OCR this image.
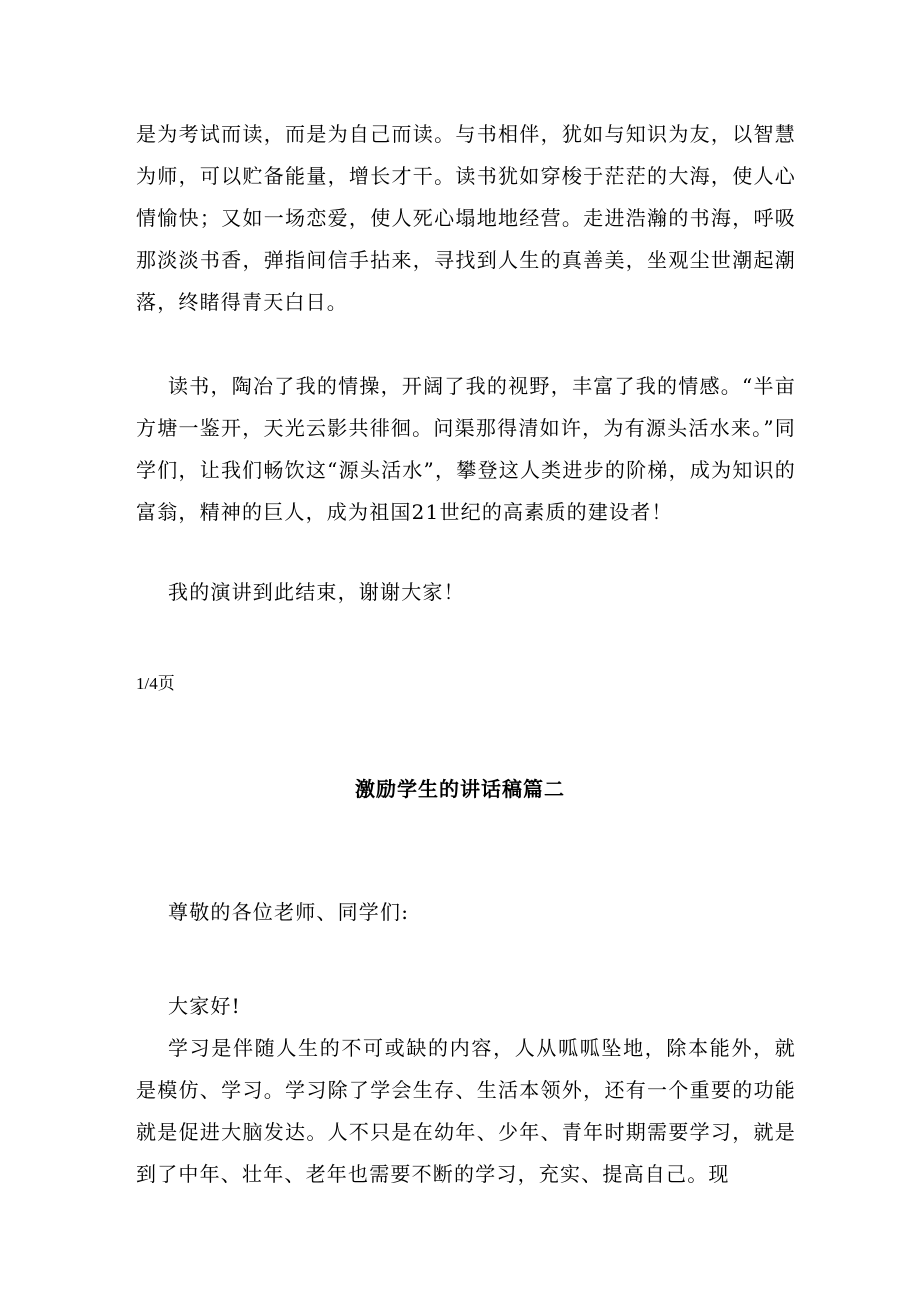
是为考试而读，而是为自己而读。与书相伴，犹如与知识为友，以智慧为师，可以贮备能量，增长才干。读书犹如穿梭于茫茫的大海，使人心情愉快；又如一场恋爱，使人死心塌地地经营。走进浩瀚的书海，呼吸那淡淡书香，弹指间信手拈来，寻找到人生的真善美，坐观尘世潮起潮落，终睹得青天白日。

读书，陶冶了我的情操，开阔了我的视野，丰富了我的情感。“半亩方塘一鉴开，天光云影共徘徊。问渠那得清如许，为有源头活水来。”同学们，让我们畅饮这“源头活水”，攀登这人类进步的阶梯，成为知识的富翁，精神的巨人，成为祖国21世纪的高素质的建设者！

我的演讲到此结束，谢谢大家！

1/4页
激励学生的讲话稿篇二

尊敬的各位老师、同学们:

大家好!
学习是伴随人生的不可或缺的内容，人从呱呱坠地，除本能外，就是模仿、学习。学习除了学会生存、生活本领外，还有一个重要的功能就是促进大脑发达。人不只是在幼年、少年、青年时期需要学习，就是到了中年、壮年、老年也需要不断的学习，充实、提高自己。现
